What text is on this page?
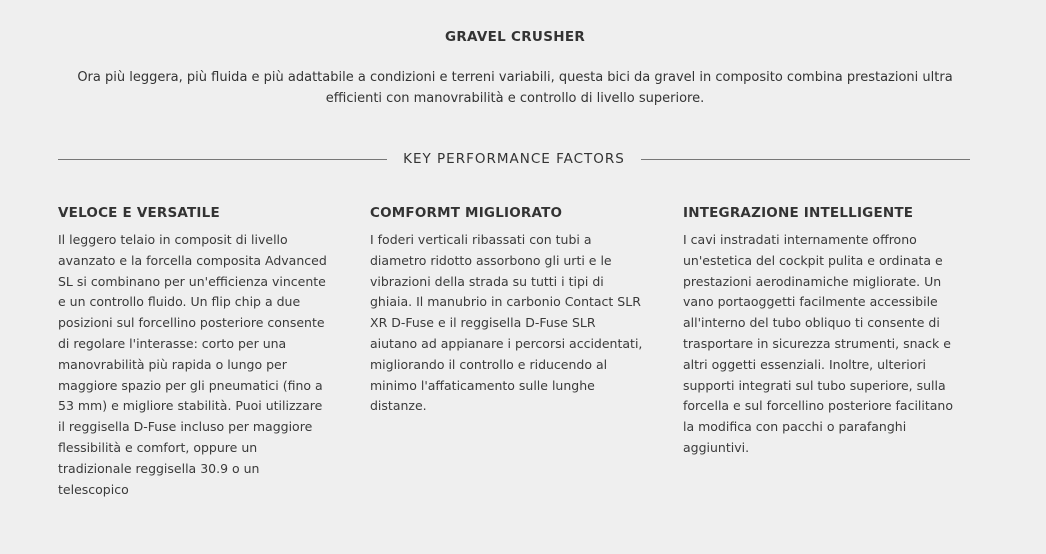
GRAVEL CRUSHER

Ora più leggera, più fluida e più adattabile a condizioni e terreni variabili, questa bici da gravel in composito combina prestazioni ultra efficienti con manovrabilità e controllo di livello superiore.

KEY PERFORMANCE FACTORS
VELOCE E VERSATILE

Il leggero telaio in composit di livello avanzato e la forcella composita Advanced SL si combinano per un'efficienza vincente e un controllo fluido. Un flip chip a due posizioni sul forcellino posteriore consente di regolare l'interasse: corto per una manovrabilità più rapida o lungo per maggiore spazio per gli pneumatici (fino a 53 mm) e migliore stabilità. Puoi utilizzare il reggisella D-Fuse incluso per maggiore flessibilità e comfort, oppure un tradizionale reggisella 30.9 o un telescopico

COMFORMT MIGLIORATO

I foderi verticali ribassati con tubi a diametro ridotto assorbono gli urti e le vibrazioni della strada su tutti i tipi di ghiaia. Il manubrio in carbonio Contact SLR XR D-Fuse e il reggisella D-Fuse SLR aiutano ad appianare i percorsi accidentati, migliorando il controllo e riducendo al minimo l'affaticamento sulle lunghe distanze.

INTEGRAZIONE INTELLIGENTE

I cavi instradati internamente offrono un'estetica del cockpit pulita e ordinata e prestazioni aerodinamiche migliorate. Un vano portaoggetti facilmente accessibile all'interno del tubo obliquo ti consente di trasportare in sicurezza strumenti, snack e altri oggetti essenziali. Inoltre, ulteriori supporti integrati sul tubo superiore, sulla forcella e sul forcellino posteriore facilitano la modifica con pacchi o parafanghi aggiuntivi.
